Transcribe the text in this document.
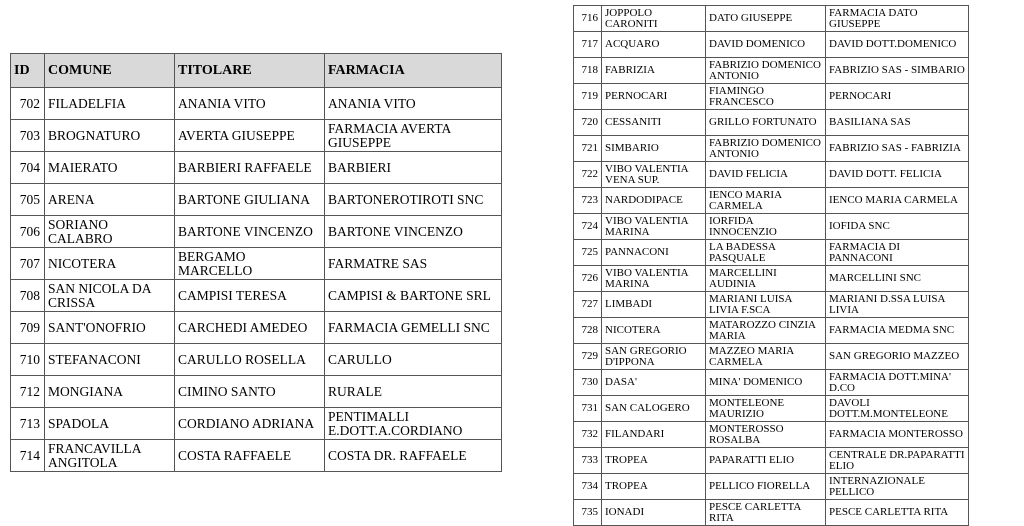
ID	COMUNE	TITOLARE	FARMACIA
702	FILADELFIA	ANANIA VITO	ANANIA VITO
703	BROGNATURO	AVERTA GIUSEPPE	FARMACIA AVERTA GIUSEPPE
704	MAIERATO	BARBIERI RAFFAELE	BARBIERI
705	ARENA	BARTONE GIULIANA	BARTONEROTIROTI SNC
706	SORIANO CALABRO	BARTONE VINCENZO	BARTONE VINCENZO
707	NICOTERA	BERGAMO MARCELLO	FARMATRE SAS
708	SAN NICOLA DA CRISSA	CAMPISI TERESA	CAMPISI & BARTONE SRL
709	SANT'ONOFRIO	CARCHEDI AMEDEO	FARMACIA GEMELLI SNC
710	STEFANACONI	CARULLO ROSELLA	CARULLO
712	MONGIANA	CIMINO SANTO	RURALE
713	SPADOLA	CORDIANO ADRIANA	PENTIMALLI E.DOTT.A.CORDIANO
714	FRANCAVILLA ANGITOLA	COSTA RAFFAELE	COSTA DR. RAFFAELE
716	JOPPOLO CARONITI	DATO GIUSEPPE	FARMACIA DATO GIUSEPPE
717	ACQUARO	DAVID DOMENICO	DAVID DOTT.DOMENICO
718	FABRIZIA	FABRIZIO DOMENICO ANTONIO	FABRIZIO SAS - SIMBARIO
719	PERNOCARI	FIAMINGO FRANCESCO	PERNOCARI
720	CESSANITI	GRILLO FORTUNATO	BASILIANA SAS
721	SIMBARIO	FABRIZIO DOMENICO ANTONIO	FABRIZIO SAS - FABRIZIA
722	VIBO VALENTIA VENA SUP.	DAVID FELICIA	DAVID DOTT. FELICIA
723	NARDODIPACE	IENCO MARIA CARMELA	IENCO MARIA CARMELA
724	VIBO VALENTIA MARINA	IORFIDA INNOCENZIO	IOFIDA SNC
725	PANNACONI	LA BADESSA PASQUALE	FARMACIA DI PANNACONI
726	VIBO VALENTIA MARINA	MARCELLINI AUDINIA	MARCELLINI SNC
727	LIMBADI	MARIANI LUISA LIVIA F.SCA	MARIANI D.SSA LUISA LIVIA
728	NICOTERA	MATAROZZO CINZIA MARIA	FARMACIA MEDMA SNC
729	SAN GREGORIO D'IPPONA	MAZZEO MARIA CARMELA	SAN GREGORIO MAZZEO
730	DASA'	MINA' DOMENICO	FARMACIA DOTT.MINA' D.CO
731	SAN CALOGERO	MONTELEONE MAURIZIO	DAVOLI DOTT.M.MONTELEONE
732	FILANDARI	MONTEROSSO ROSALBA	FARMACIA MONTEROSSO
733	TROPEA	PAPARATTI ELIO	CENTRALE DR.PAPARATTI ELIO
734	TROPEA	PELLICO FIORELLA	INTERNAZIONALE PELLICO
735	IONADI	PESCE CARLETTA RITA	PESCE CARLETTA RITA
